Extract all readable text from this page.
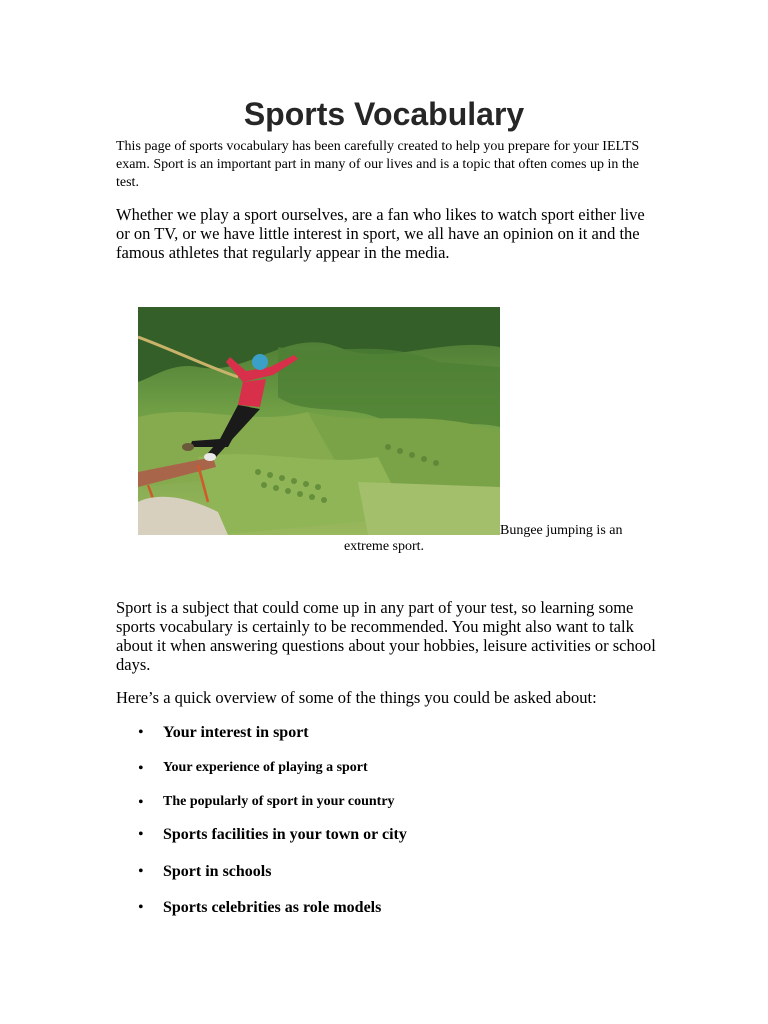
Sports Vocabulary

This page of sports vocabulary has been carefully created to help you prepare for your IELTS exam. Sport is an important part in many of our lives and is a topic that often comes up in the test.

Whether we play a sport ourselves, are a fan who likes to watch sport either live or on TV, or we have little interest in sport, we all have an opinion on it and the famous athletes that regularly appear in the media.

Bungee jumping is an
extreme sport.

Sport is a subject that could come up in any part of your test, so learning some sports vocabulary is certainly to be recommended. You might also want to talk about it when answering questions about your hobbies, leisure activities or school days.

Here’s a quick overview of some of the things you could be asked about:

• Your interest in sport
• Your experience of playing a sport
• The popularly of sport in your country
• Sports facilities in your town or city
• Sport in schools
• Sports celebrities as role models
